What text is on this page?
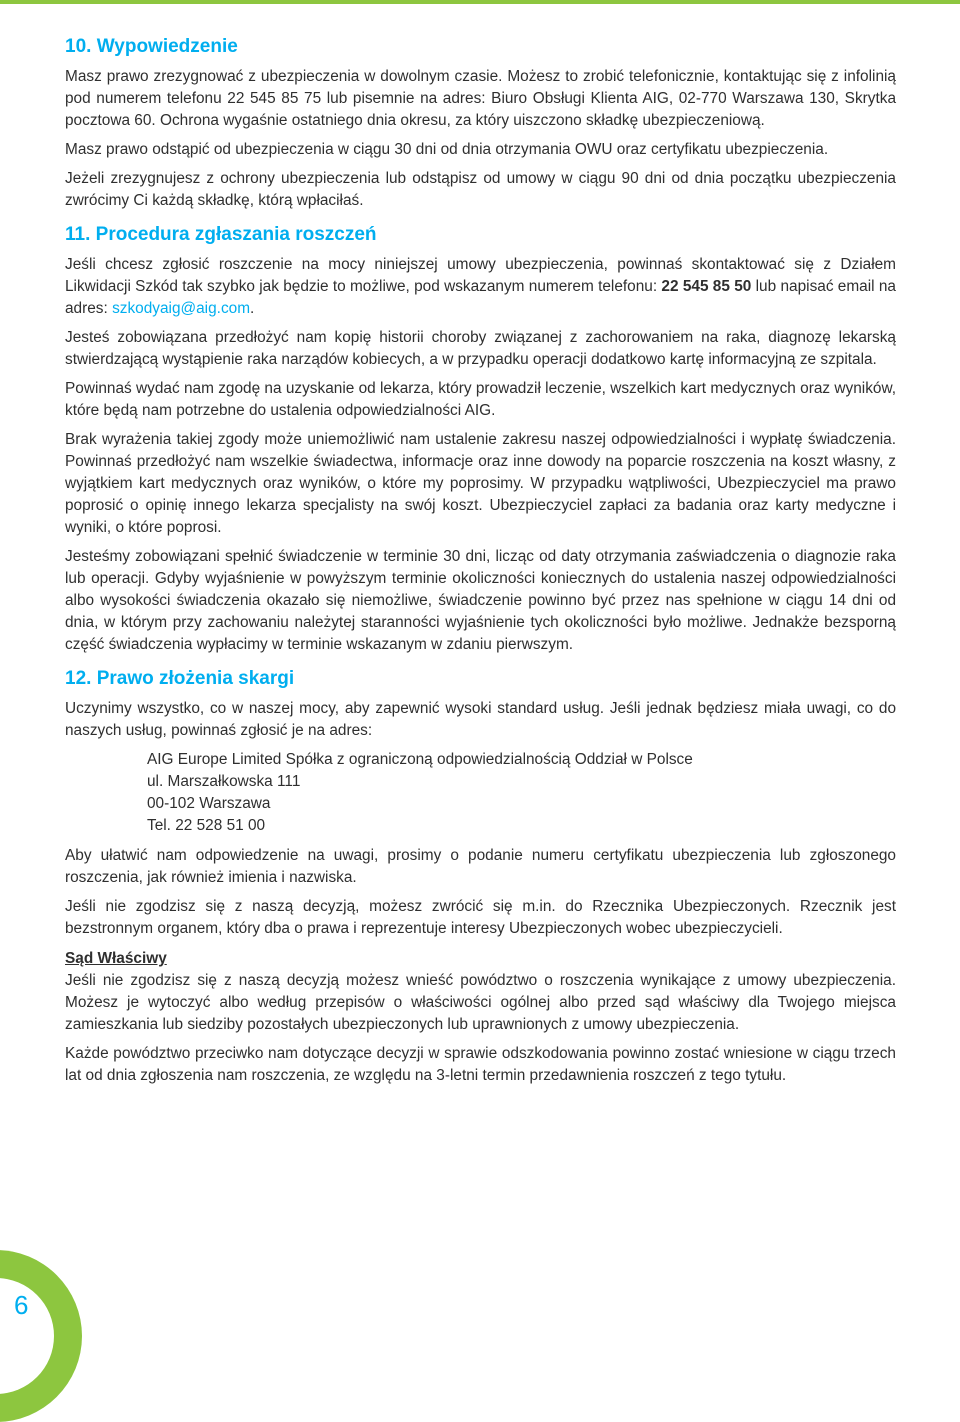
10. Wypowiedzenie

Masz prawo zrezygnować z ubezpieczenia w dowolnym czasie. Możesz to zrobić telefonicznie, kontaktując się z infolinią pod numerem telefonu 22 545 85 75 lub pisemnie na adres: Biuro Obsługi Klienta AIG, 02-770 Warszawa 130, Skrytka pocztowa 60. Ochrona wygaśnie ostatniego dnia okresu, za który uiszczono składkę ubezpieczeniową.

Masz prawo odstąpić od ubezpieczenia w ciągu 30 dni od dnia otrzymania OWU oraz certyfikatu ubezpieczenia.

Jeżeli zrezygnujesz z ochrony ubezpieczenia lub odstąpisz od umowy w ciągu 90 dni od dnia początku ubezpieczenia zwrócimy Ci każdą składkę, którą wpłaciłaś.

11. Procedura zgłaszania roszczeń

Jeśli chcesz zgłosić roszczenie na mocy niniejszej umowy ubezpieczenia, powinnaś skontaktować się z Działem Likwidacji Szkód tak szybko jak będzie to możliwe, pod wskazanym numerem telefonu: 22 545 85 50 lub napisać email na adres: szkodyaig@aig.com.

Jesteś zobowiązana przedłożyć nam kopię historii choroby związanej z zachorowaniem na raka, diagnozę lekarską stwierdzającą wystąpienie raka narządów kobiecych, a w przypadku operacji dodatkowo kartę informacyjną ze szpitala.

Powinnaś wydać nam zgodę na uzyskanie od lekarza, który prowadził leczenie, wszelkich kart medycznych oraz wyników, które będą nam potrzebne do ustalenia odpowiedzialności AIG.

Brak wyrażenia takiej zgody może uniemożliwić nam ustalenie zakresu naszej odpowiedzialności i wypłatę świadczenia. Powinnaś przedłożyć nam wszelkie świadectwa, informacje oraz inne dowody na poparcie roszczenia na koszt własny, z wyjątkiem kart medycznych oraz wyników, o które my poprosimy. W przypadku wątpliwości, Ubezpieczyciel ma prawo poprosić o opinię innego lekarza specjalisty na swój koszt. Ubezpieczyciel zapłaci za badania oraz karty medyczne i wyniki, o które poprosi.

Jesteśmy zobowiązani spełnić świadczenie w terminie 30 dni, licząc od daty otrzymania zaświadczenia o diagnozie raka lub operacji. Gdyby wyjaśnienie w powyższym terminie okoliczności koniecznych do ustalenia naszej odpowiedzialności albo wysokości świadczenia okazało się niemożliwe, świadczenie powinno być przez nas spełnione w ciągu 14 dni od dnia, w którym przy zachowaniu należytej staranności wyjaśnienie tych okoliczności było możliwe. Jednakże bezsporną część świadczenia wypłacimy w terminie wskazanym w zdaniu pierwszym.

12. Prawo złożenia skargi

Uczynimy wszystko, co w naszej mocy, aby zapewnić wysoki standard usług. Jeśli jednak będziesz miała uwagi, co do naszych usług, powinnaś zgłosić je na adres:

AIG Europe Limited Spółka z ograniczoną odpowiedzialnością Oddział w Polsce
ul. Marszałkowska 111
00-102 Warszawa
Tel. 22 528 51 00

Aby ułatwić nam odpowiedzenie na uwagi, prosimy o podanie numeru certyfikatu ubezpieczenia lub zgłoszonego roszczenia, jak również imienia i nazwiska.

Jeśli nie zgodzisz się z naszą decyzją, możesz zwrócić się m.in. do Rzecznika Ubezpieczonych. Rzecznik jest bezstronnym organem, który dba o prawa i reprezentuje interesy Ubezpieczonych wobec ubezpieczycieli.

Sąd Właściwy

Jeśli nie zgodzisz się z naszą decyzją możesz wnieść powództwo o roszczenia wynikające z umowy ubezpieczenia. Możesz je wytoczyć albo według przepisów o właściwości ogólnej albo przed sąd właściwy dla Twojego miejsca zamieszkania lub siedziby pozostałych ubezpieczonych lub uprawnionych z umowy ubezpieczenia.

Każde powództwo przeciwko nam dotyczące decyzji w sprawie odszkodowania powinno zostać wniesione w ciągu trzech lat od dnia zgłoszenia nam roszczenia, ze względu na 3-letni termin przedawnienia roszczeń z tego tytułu.

6
